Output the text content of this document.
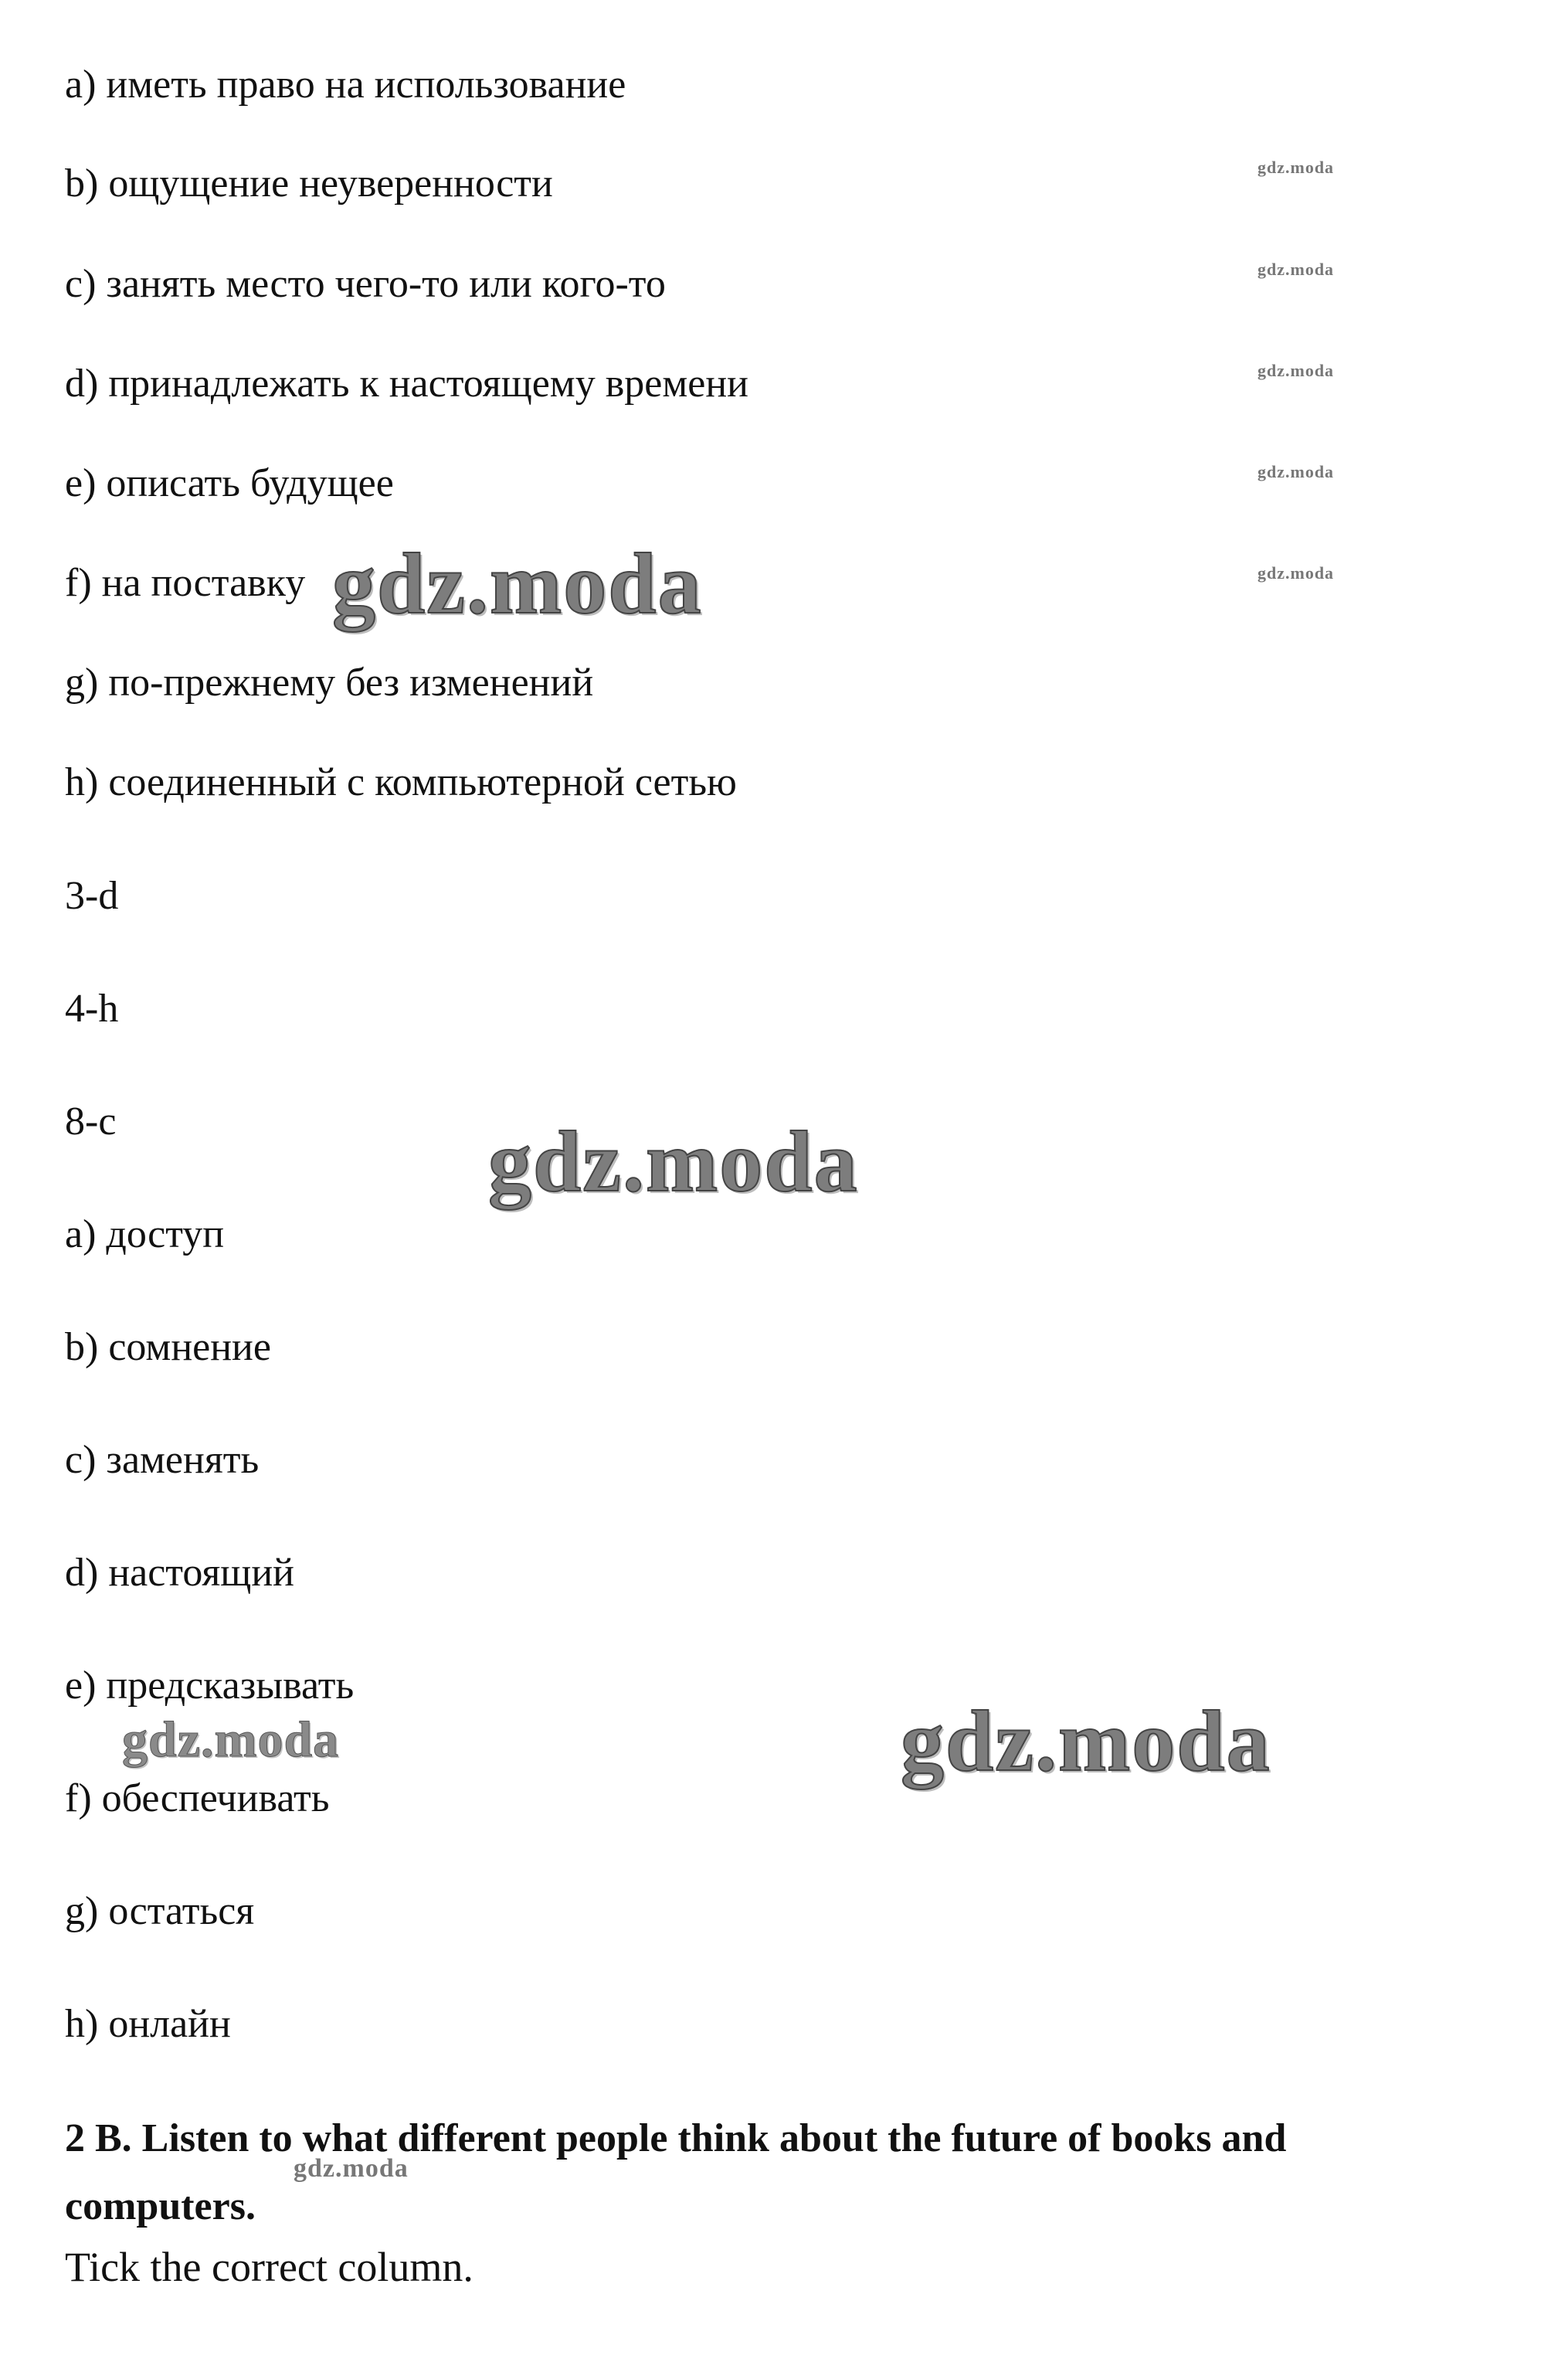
a) иметь право на использование
b) ощущение неуверенности
c) занять место чего-то или кого-то
d) принадлежать к настоящему времени
e) описать будущее
f) на поставку
g) по-прежнему без изменений
h) соединенный с компьютерной сетью
3-d
4-h
8-c
a) доступ
b) сомнение
c) заменять
d) настоящий
e) предсказывать
f) обеспечивать
g) остаться
h) онлайн
2 B. Listen to what different people think about the future of books and computers.
Tick the correct column.
gdz.moda
gdz.moda
gdz.moda
gdz.moda
gdz.moda
gdz.moda
gdz.moda
gdz.moda
gdz.moda
gdz.moda
